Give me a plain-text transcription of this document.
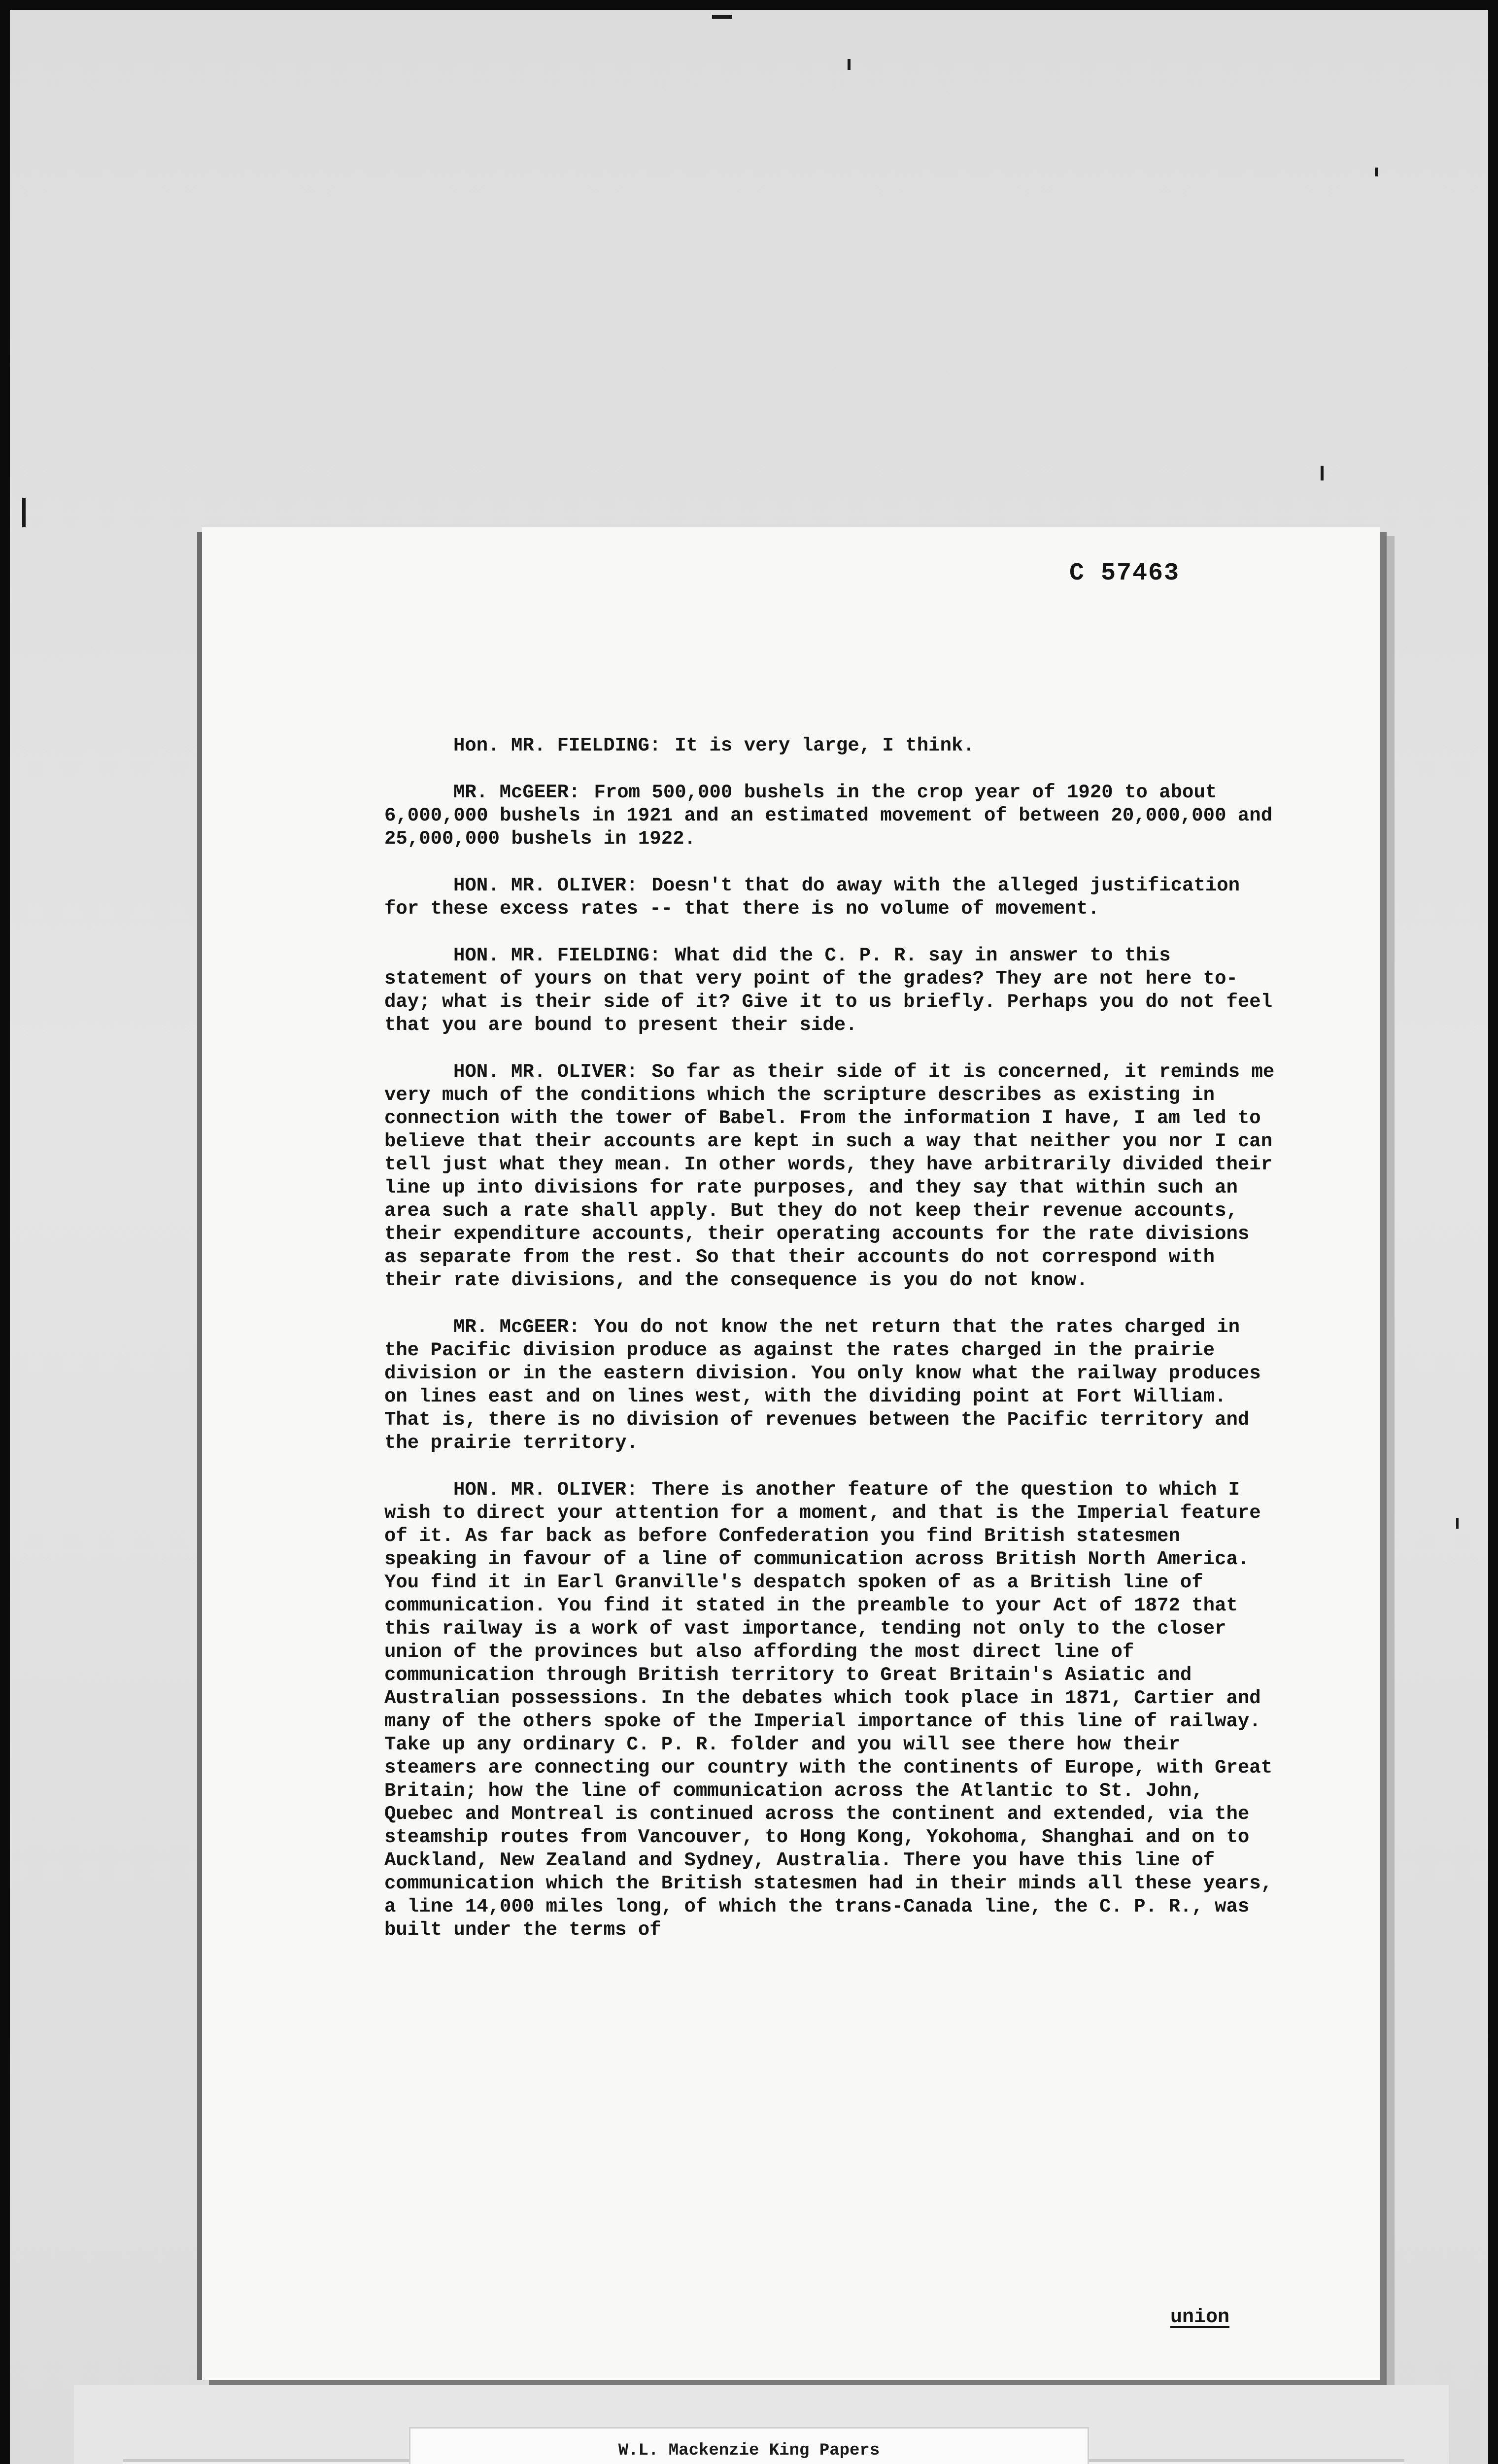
C 57463

Hon. MR. FIELDING: It is very large, I think.

MR. McGEER: From 500,000 bushels in the crop year of 1920 to about 6,000,000 bushels in 1921 and an estimated movement of between 20,000,000 and 25,000,000 bushels in 1922.

HON. MR. OLIVER: Doesn't that do away with the alleged justification for these excess rates -- that there is no volume of movement.

HON. MR. FIELDING: What did the C. P. R. say in answer to this statement of yours on that very point of the grades? They are not here to-day; what is their side of it? Give it to us briefly. Perhaps you do not feel that you are bound to present their side.

HON. MR. OLIVER: So far as their side of it is concerned, it reminds me very much of the conditions which the scripture describes as existing in connection with the tower of Babel. From the information I have, I am led to believe that their accounts are kept in such a way that neither you nor I can tell just what they mean. In other words, they have arbitrarily divided their line up into divisions for rate purposes, and they say that within such an area such a rate shall apply. But they do not keep their revenue accounts, their expenditure accounts, their operating accounts for the rate divisions as separate from the rest. So that their accounts do not correspond with their rate divisions, and the consequence is you do not know.

MR. McGEER: You do not know the net return that the rates charged in the Pacific division produce as against the rates charged in the prairie division or in the eastern division. You only know what the railway produces on lines east and on lines west, with the dividing point at Fort William. That is, there is no division of revenues between the Pacific territory and the prairie territory.

HON. MR. OLIVER: There is another feature of the question to which I wish to direct your attention for a moment, and that is the Imperial feature of it. As far back as before Confederation you find British statesmen speaking in favour of a line of communication across British North America. You find it in Earl Granville's despatch spoken of as a British line of communication. You find it stated in the preamble to your Act of 1872 that this railway is a work of vast importance, tending not only to the closer union of the provinces but also affording the most direct line of communication through British territory to Great Britain's Asiatic and Australian possessions. In the debates which took place in 1871, Cartier and many of the others spoke of the Imperial importance of this line of railway. Take up any ordinary C. P. R. folder and you will see there how their steamers are connecting our country with the continents of Europe, with Great Britain; how the line of communication across the Atlantic to St. John, Quebec and Montreal is continued across the continent and extended, via the steamship routes from Vancouver, to Hong Kong, Yokohoma, Shanghai and on to Auckland, New Zealand and Sydney, Australia. There you have this line of communication which the British statesmen had in their minds all these years, a line 14,000 miles long, of which the trans-Canada line, the C. P. R., was built under the terms of

union
W.L. Mackenzie King Papers
